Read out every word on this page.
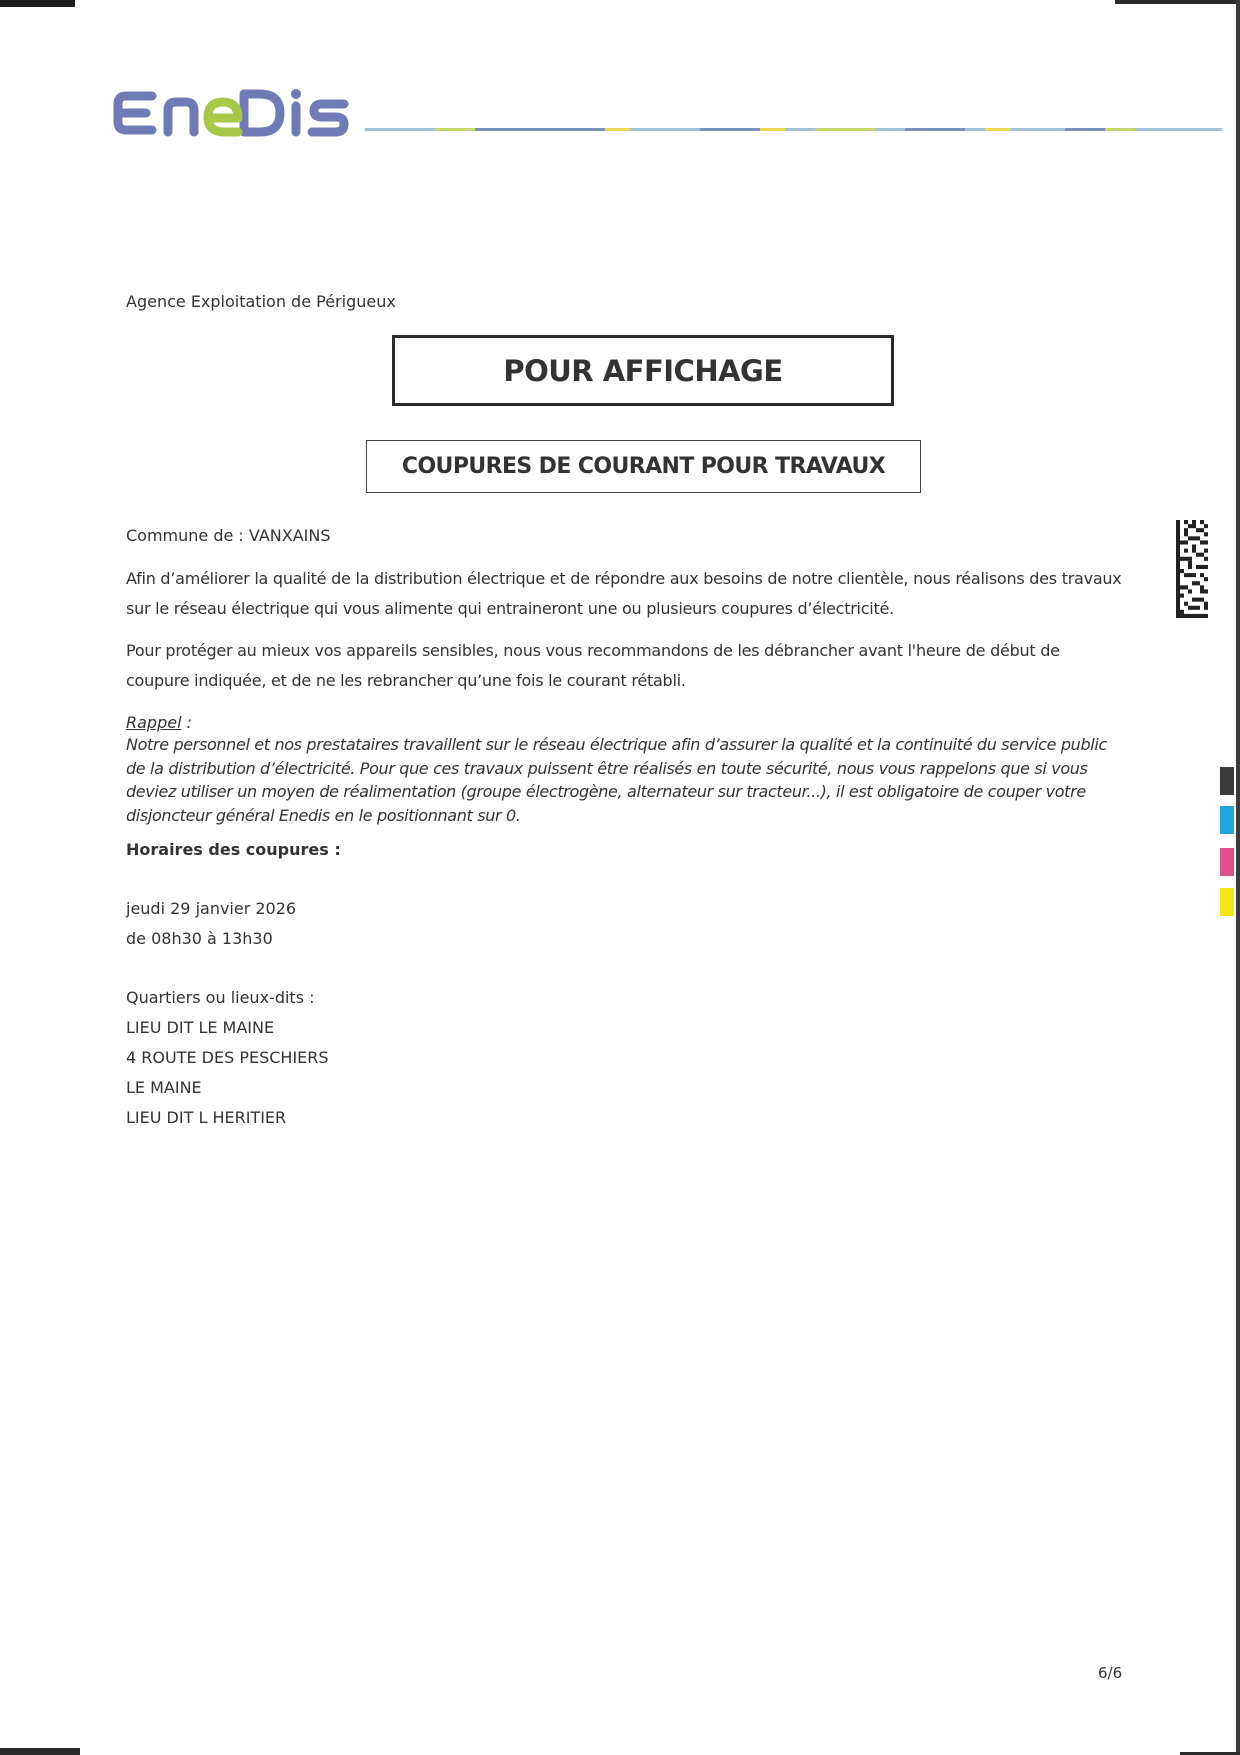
Agence Exploitation de Périgueux
POUR AFFICHAGE
COUPURES DE COURANT POUR TRAVAUX
Commune de : VANXAINS
Afin d’améliorer la qualité de la distribution électrique et de répondre aux besoins de notre clientèle, nous réalisons des travaux sur le réseau électrique qui vous alimente qui entraineront une ou plusieurs coupures d’électricité.
Pour protéger au mieux vos appareils sensibles, nous vous recommandons de les débrancher avant l'heure de début de coupure indiquée, et de ne les rebrancher qu’une fois le courant rétabli.
Rappel :
Notre personnel et nos prestataires travaillent sur le réseau électrique afin d’assurer la qualité et la continuité du service public de la distribution d’électricité. Pour que ces travaux puissent être réalisés en toute sécurité, nous vous rappelons que si vous deviez utiliser un moyen de réalimentation (groupe électrogène, alternateur sur tracteur...), il est obligatoire de couper votre disjoncteur général Enedis en le positionnant sur 0.
Horaires des coupures :
jeudi 29 janvier 2026
de 08h30 à 13h30
Quartiers ou lieux-dits :
LIEU DIT LE MAINE
4 ROUTE DES PESCHIERS
LE MAINE
LIEU DIT L HERITIER
6/6
